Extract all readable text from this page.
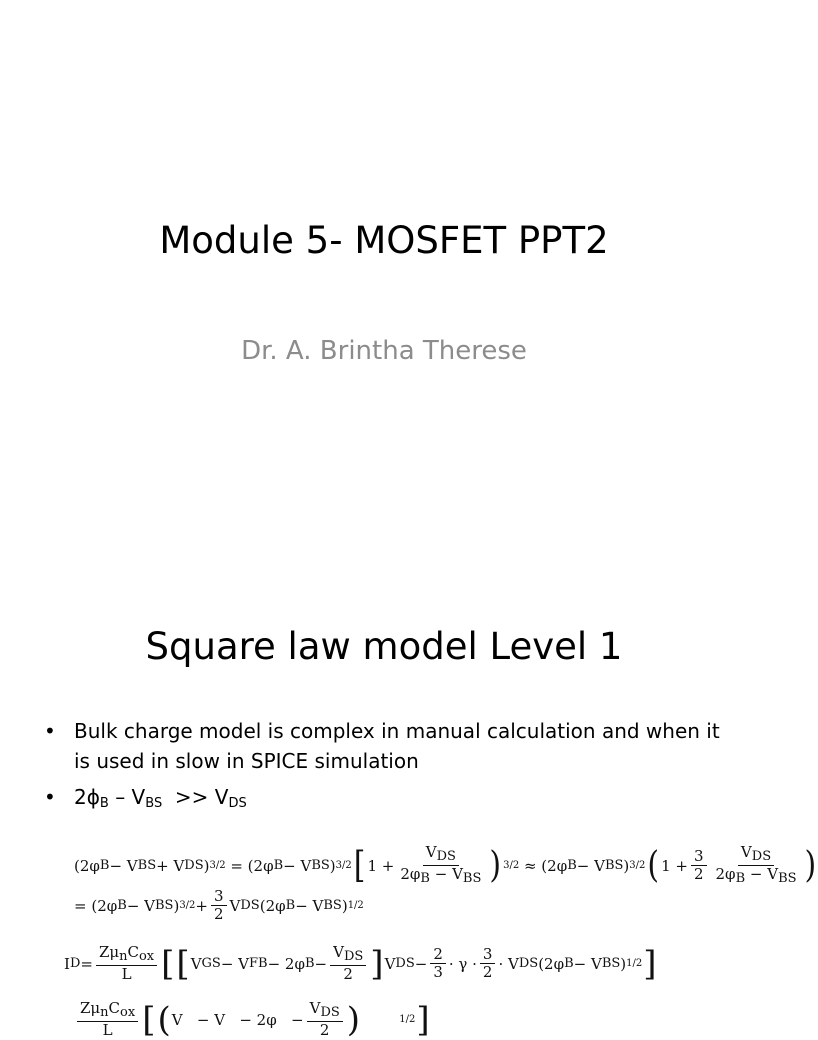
Module 5- MOSFET PPT2
Dr. A. Brintha Therese
Square law model Level 1
• Bulk charge model is complex in manual calculation and when it is used in slow in SPICE simulation
• $2\phi_B - V_{BS} >> V_{DS}$
(2φ B − V BS + V DS ) 3/2 = (2φ B − V BS ) 3/2 [ $1 + \frac{V_{DS}}{2\varphi_B - V_{BS}}$ ) 3/2 ≈ (2φ B − V BS ) 3/2 ( $1 + \frac{3}{2} \frac{V_{DS}}{2\varphi_B - V_{BS}}$ )
= (2φ B − V BS ) $3/2 + \frac{3}{2}$ V DS (2φ B − V BS ) 1/2
I $D = \frac{Z\mu_nC_{ox}}{L}$ [ [ V GS − V FB − 2φ $B - \frac{V_{DS}}{2}$ ] V DS − $\frac{2}{3} \cdot \gamma \cdot \frac{3}{2} \cdot V$ DS (2φ B − V BS ) 1/2 ]
$\frac{Z\mu_nC_{ox}}{L}$ [ ( $V - V - 2\varphi - \frac{V_{DS}}{2}$ )
	1/2 ]
